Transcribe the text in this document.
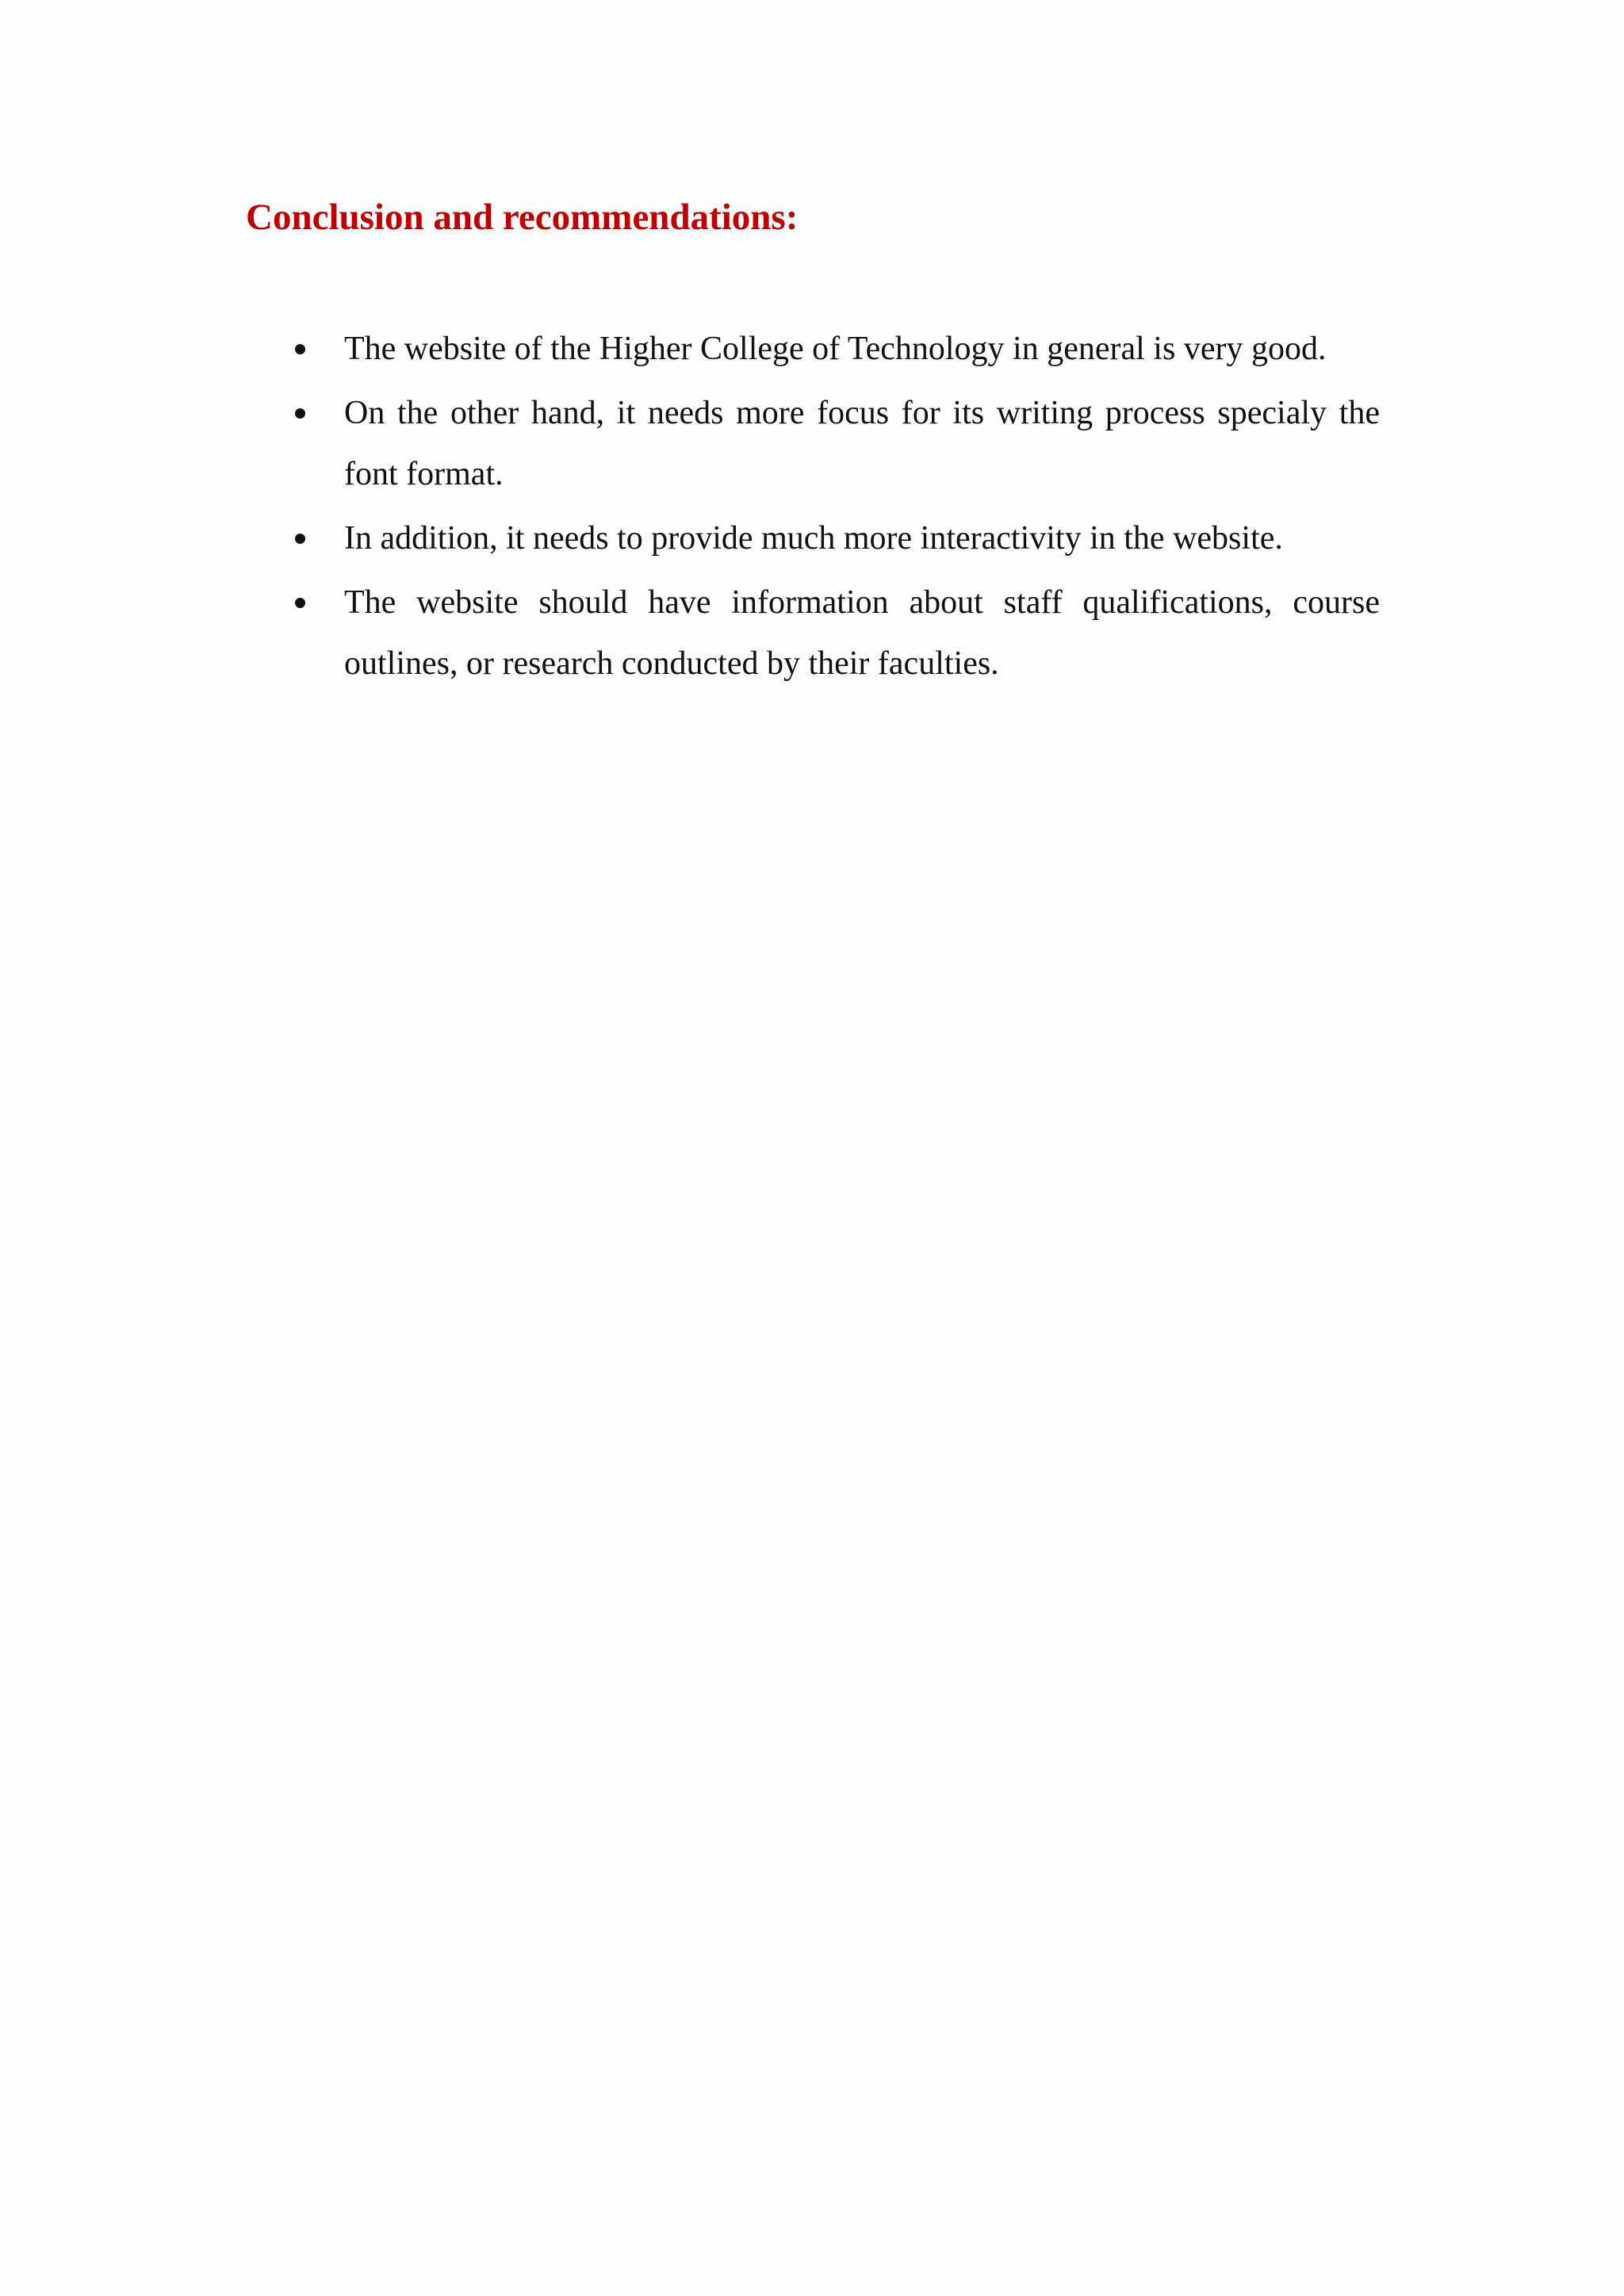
Conclusion and recommendations:
The website of the Higher College of Technology in general is very good.
On the other hand, it needs more focus for its writing process specialy the font format.
In addition, it needs to provide much more interactivity in the website.
The website should have information about staff qualifications, course outlines, or research conducted by their faculties.
